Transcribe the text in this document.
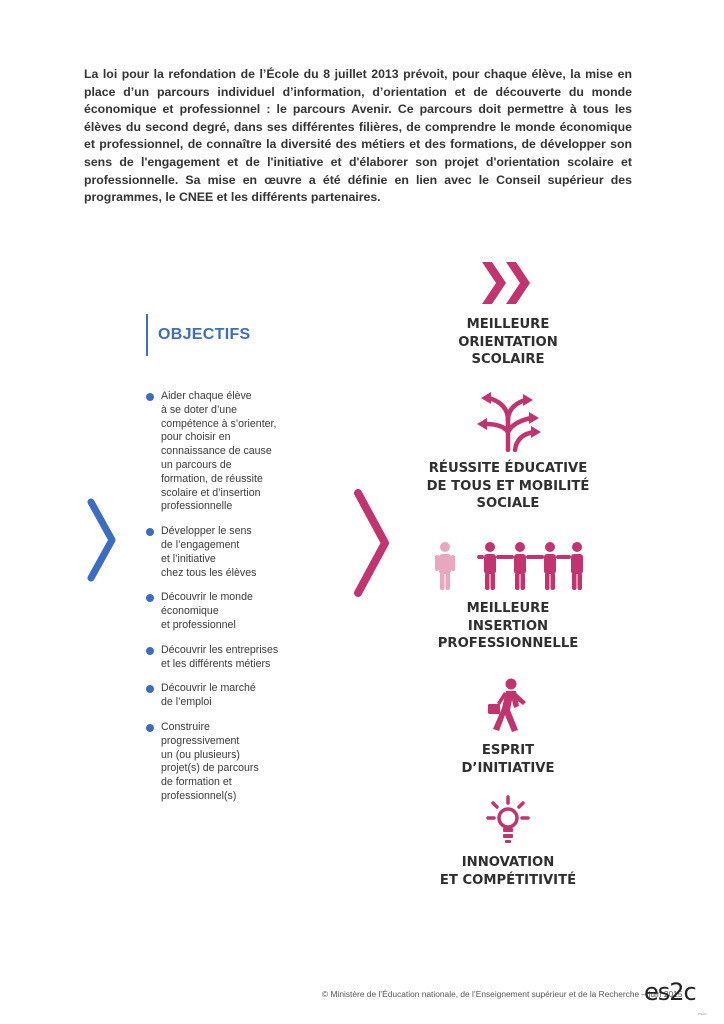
La loi pour la refondation de l’École du 8 juillet 2013 prévoit, pour chaque élève, la mise en place d’un parcours individuel d’information, d’orientation et de découverte du monde économique et professionnel : le parcours Avenir. Ce parcours doit permettre à tous les élèves du second degré, dans ses différentes filières, de comprendre le monde économique et professionnel, de connaître la diversité des métiers et des formations, de développer son sens de l'engagement et de l'initiative et d'élaborer son projet d'orientation scolaire et professionnelle. Sa mise en œuvre a été définie en lien avec le Conseil supérieur des programmes, le CNEE et les différents partenaires.
OBJECTIFS
Aider chaque élève
à se doter d’une
compétence à s’orienter,
pour choisir en
connaissance de cause
un parcours de
formation, de réussite
scolaire et d’insertion
professionnelle
Développer le sens
de l’engagement
et l’initiative
chez tous les élèves
Découvrir le monde
économique
et professionnel
Découvrir les entreprises
et les différents métiers
Découvrir le marché
de l’emploi
Construire
progressivement
un (ou plusieurs)
projet(s) de parcours
de formation et
professionnel(s)
MEILLEURE
ORIENTATION
SCOLAIRE
RÉUSSITE ÉDUCATIVE
DE TOUS ET MOBILITÉ
SOCIALE
MEILLEURE
INSERTION
PROFESSIONNELLE
ESPRIT
D’INITIATIVE
INNOVATION
ET COMPÉTITIVITÉ
© Ministère de l’Éducation nationale, de l’Enseignement supérieur et de la Recherche – juin 2015
es2c
es2c
